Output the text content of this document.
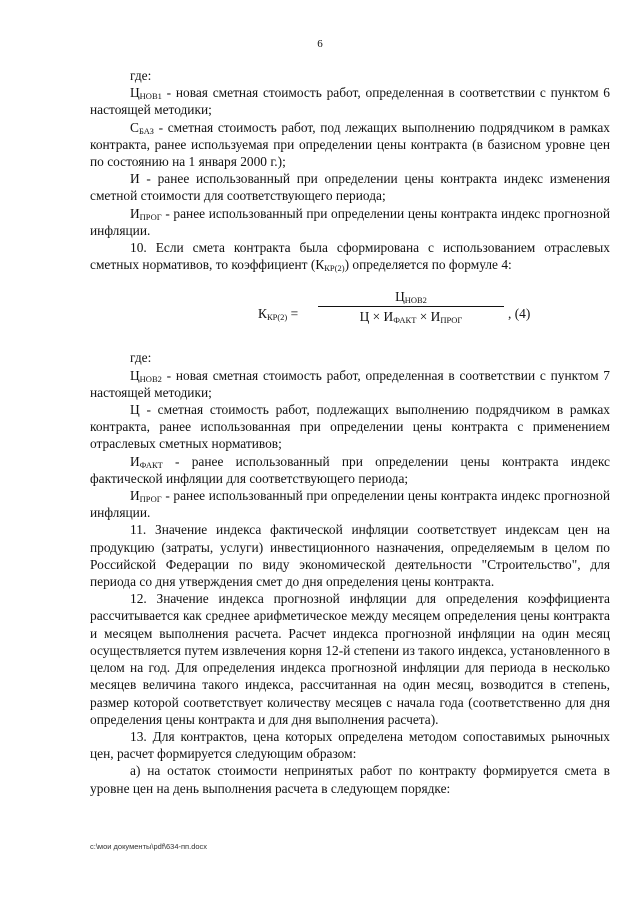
6

где:

$Ц_{НОВ1}$ - новая сметная стоимость работ, определенная в соответствии с пунктом 6 настоящей методики;

$С_{БАЗ}$ - сметная стоимость работ, под лежащих выполнению подрядчиком в рамках контракта, ранее используемая при определении цены контракта (в базисном уровне цен по состоянию на 1 января 2000 г.);

И - ранее использованный при определении цены контракта индекс изменения сметной стоимости для соответствующего периода;

$И_{ПРОГ}$ - ранее использованный при определении цены контракта индекс прогнозной инфляции.

10. Если смета контракта была сформирована с использованием отраслевых сметных нормативов, то коэффициент $(К_{КР(2)})$ определяется по формуле 4:

$К_{КР(2)}$ =
$Ц_{НОВ2}$
$Ц \times И_{ФАКТ} \times И_{ПРОГ}$	, (4)

где:

$Ц_{НОВ2}$ - новая сметная стоимость работ, определенная в соответствии с пунктом 7 настоящей методики;

Ц - сметная стоимость работ, подлежащих выполнению подрядчиком в рамках контракта, ранее использованная при определении цены контракта с применением отраслевых сметных нормативов;

$И_{ФАКТ}$ - ранее использованный при определении цены контракта индекс фактической инфляции для соответствующего периода;

$И_{ПРОГ}$ - ранее использованный при определении цены контракта индекс прогнозной инфляции.

11. Значение индекса фактической инфляции соответствует индексам цен на продукцию (затраты, услуги) инвестиционного назначения, определяемым в целом по Российской Федерации по виду экономической деятельности "Строительство", для периода со дня утверждения смет до дня определения цены контракта.

12. Значение индекса прогнозной инфляции для определения коэффициента рассчитывается как среднее арифметическое между месяцем определения цены контракта и месяцем выполнения расчета. Расчет индекса прогнозной инфляции на один месяц осуществляется путем извлечения корня 12-й степени из такого индекса, установленного в целом на год. Для определения индекса прогнозной инфляции для периода в несколько месяцев величина такого индекса, рассчитанная на один месяц, возводится в степень, размер которой соответствует количеству месяцев с начала года (соответственно для дня определения цены контракта и для дня выполнения расчета).

13. Для контрактов, цена которых определена методом сопоставимых рыночных цен, расчет формируется следующим образом:

а) на остаток стоимости непринятых работ по контракту формируется смета в уровне цен на день выполнения расчета в следующем порядке:

c:\мои документы\pdf\634-пп.docx
